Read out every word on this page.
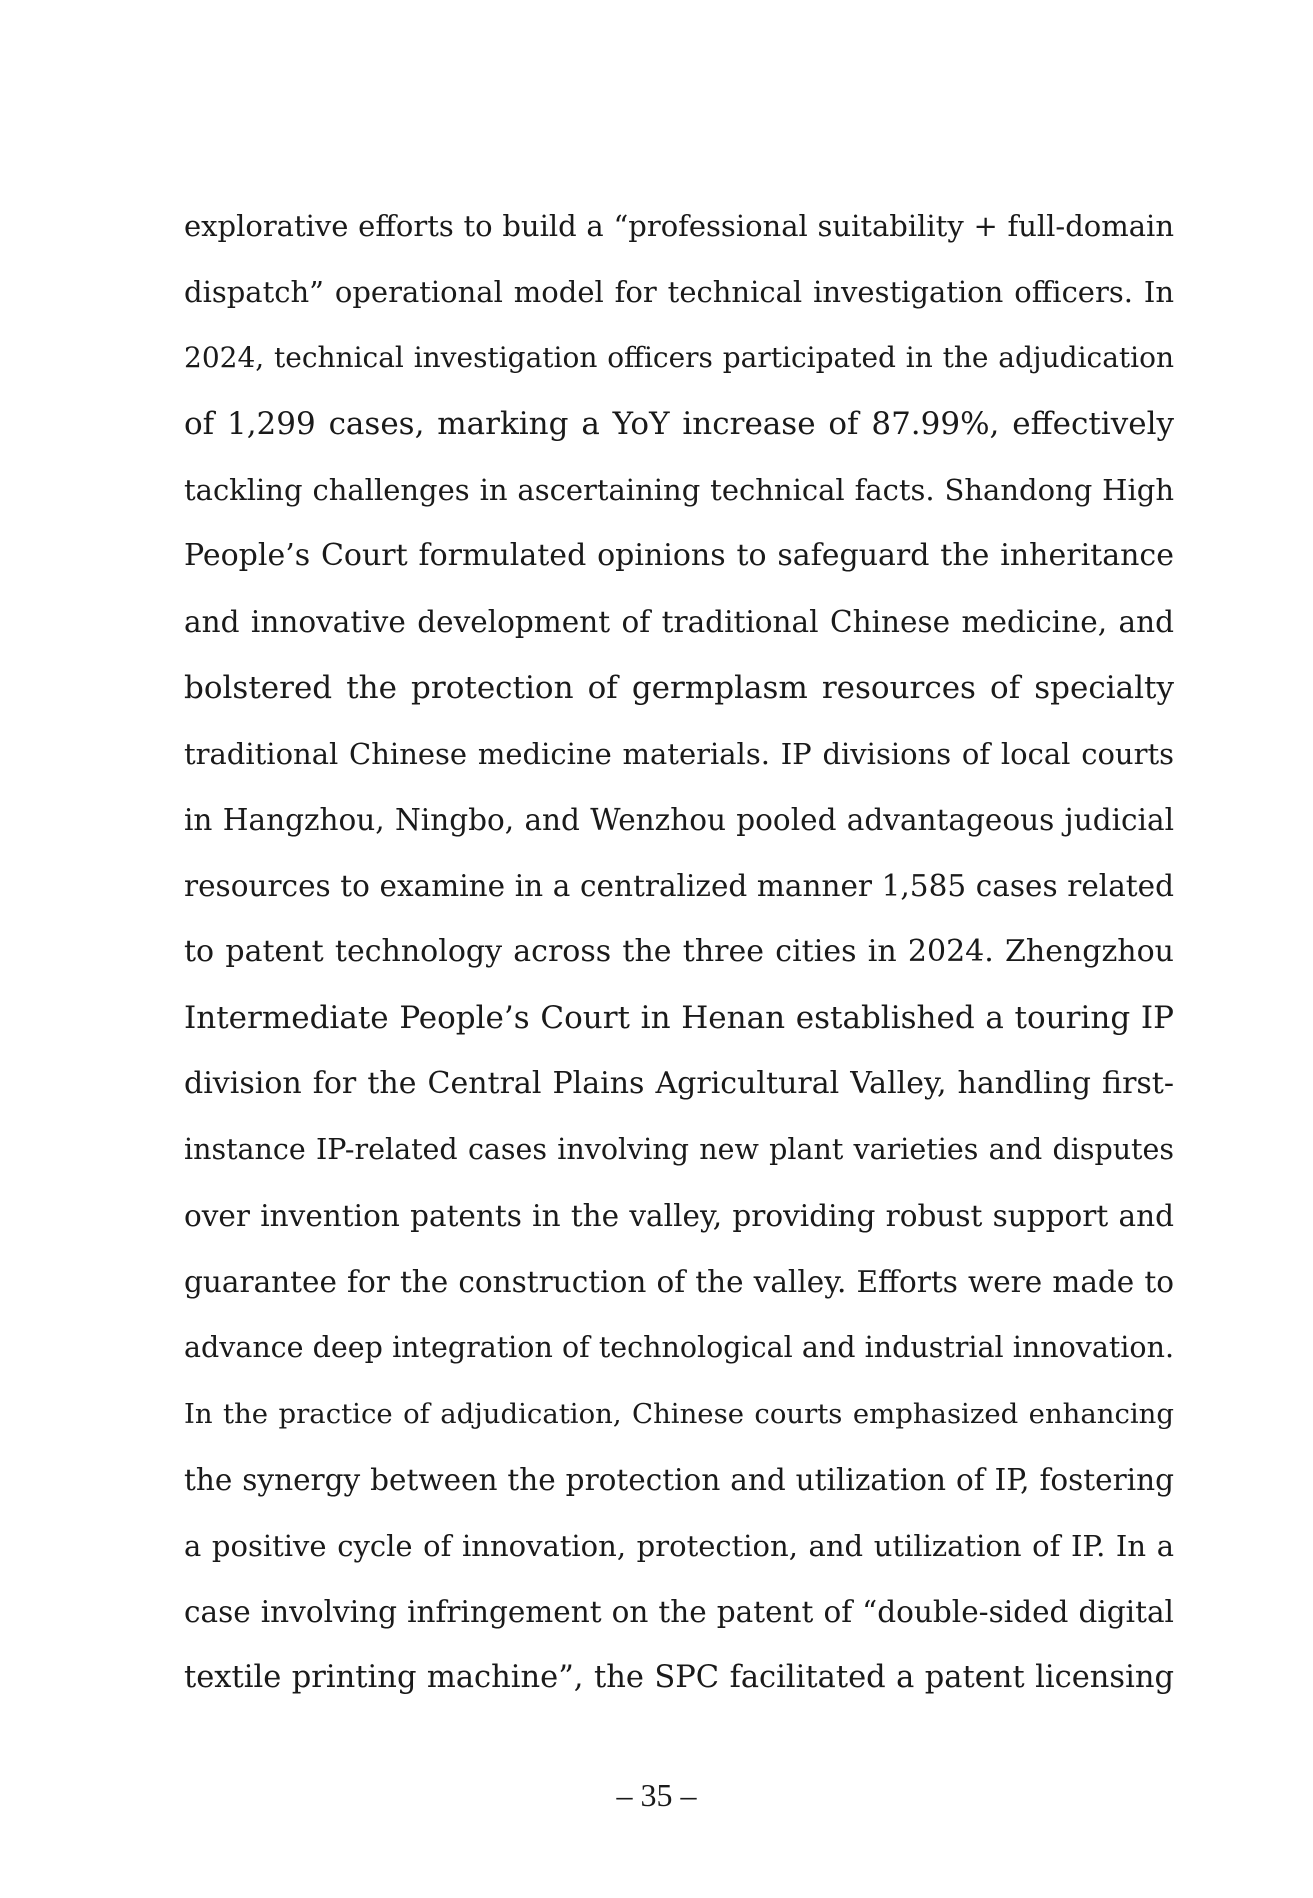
explorative efforts to build a “professional suitability + full-domain
dispatch” operational model for technical investigation officers. In
2024, technical investigation officers participated in the adjudication
of 1,299 cases, marking a YoY increase of 87.99%, effectively
tackling challenges in ascertaining technical facts. Shandong High
People’s Court formulated opinions to safeguard the inheritance
and innovative development of traditional Chinese medicine, and
bolstered the protection of germplasm resources of specialty
traditional Chinese medicine materials. IP divisions of local courts
in Hangzhou, Ningbo, and Wenzhou pooled advantageous judicial
resources to examine in a centralized manner 1,585 cases related
to patent technology across the three cities in 2024. Zhengzhou
Intermediate People’s Court in Henan established a touring IP
division for the Central Plains Agricultural Valley, handling first-
instance IP-related cases involving new plant varieties and disputes
over invention patents in the valley, providing robust support and
guarantee for the construction of the valley. Efforts were made to
advance deep integration of technological and industrial innovation.
In the practice of adjudication, Chinese courts emphasized enhancing
the synergy between the protection and utilization of IP, fostering
a positive cycle of innovation, protection, and utilization of IP. In a
case involving infringement on the patent of “double-sided digital
textile printing machine”, the SPC facilitated a patent licensing
– 35 –
